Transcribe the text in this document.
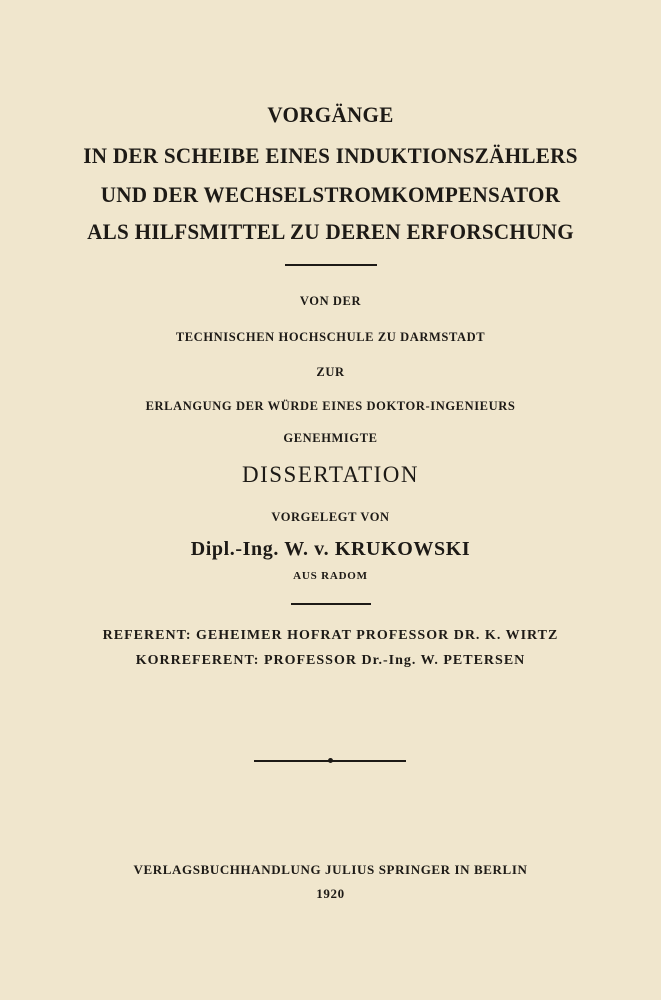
VORGÄNGE
IN DER SCHEIBE EINES INDUKTIONSZÄHLERS
UND DER WECHSELSTROMKOMPENSATOR
ALS HILFSMITTEL ZU DEREN ERFORSCHUNG
VON DER
TECHNISCHEN HOCHSCHULE ZU DARMSTADT
ZUR
ERLANGUNG DER WÜRDE EINES DOKTOR-INGENIEURS
GENEHMIGTE
DISSERTATION
VORGELEGT VON
Dipl.-Ing. W. v. KRUKOWSKI
AUS RADOM
REFERENT: GEHEIMER HOFRAT PROFESSOR DR. K. WIRTZ
KORREFERENT: PROFESSOR Dr.-Ing. W. PETERSEN
VERLAGSBUCHHANDLUNG JULIUS SPRINGER IN BERLIN
1920
